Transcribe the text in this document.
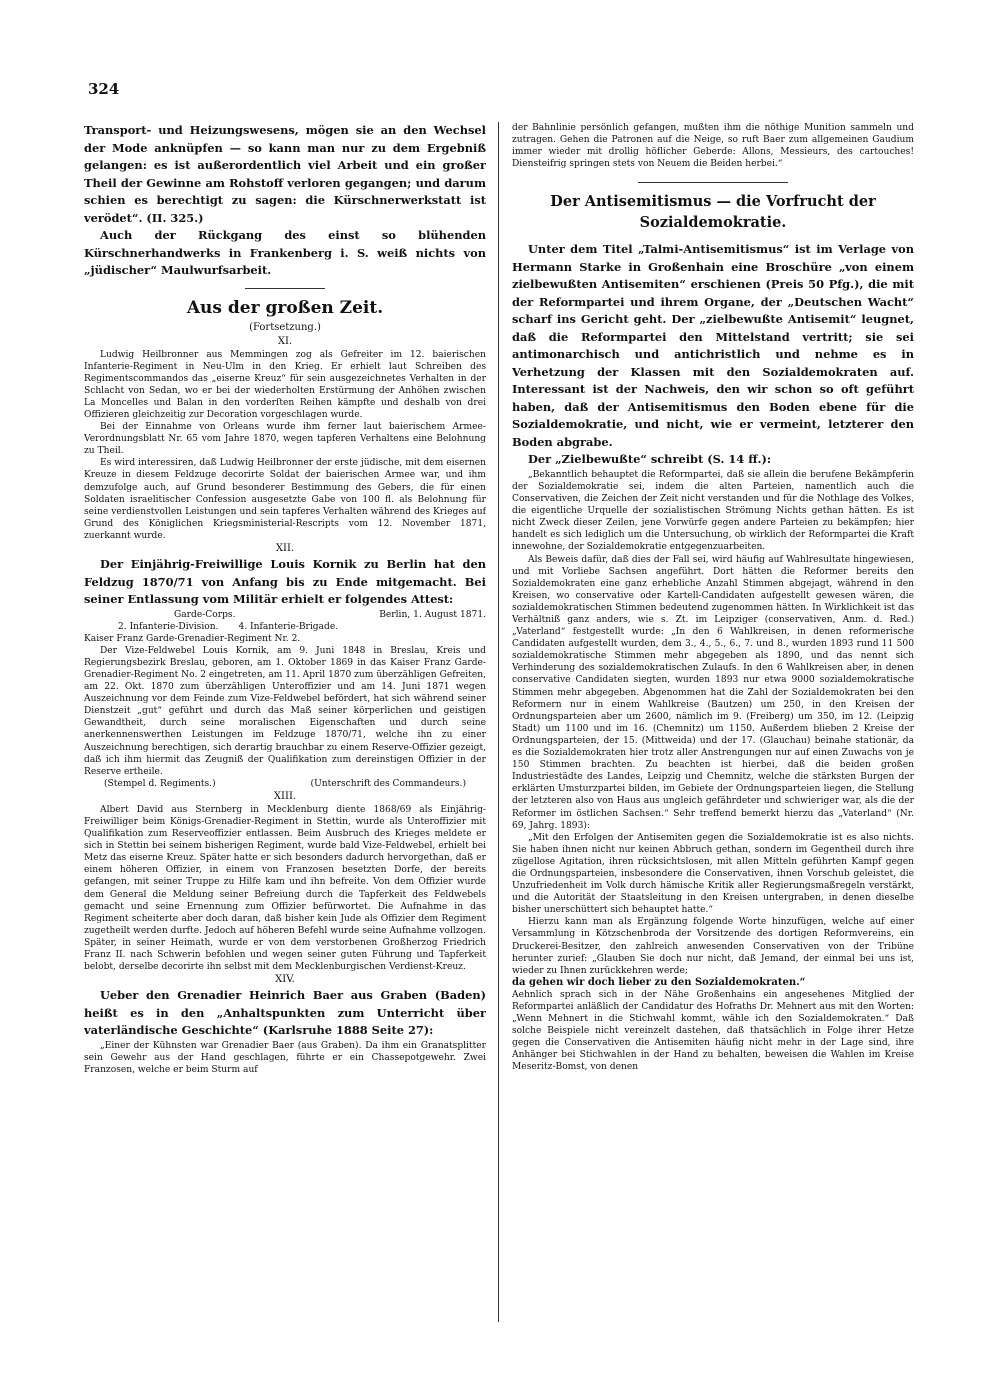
324

Transport- und Heizungswesens, mögen sie an den Wechsel der Mode anknüpfen — so kann man nur zu dem Ergebniß gelangen: es ist außerordentlich viel Arbeit und ein großer Theil der Gewinne am Rohstoff verloren gegangen; und darum schien es berechtigt zu sagen: die Kürschnerwerkstatt ist verödet“. (II. 325.)

Auch der Rückgang des einst so blühenden Kürschnerhandwerks in Frankenberg i. S. weiß nichts von „jüdischer“ Maulwurfsarbeit.

Aus der großen Zeit.
(Fortsetzung.)
XI.

Ludwig Heilbronner aus Memmingen zog als Gefreiter im 12. baierischen Infanterie-Regiment in Neu-Ulm in den Krieg. Er erhielt laut Schreiben des Regimentscommandos das „eiserne Kreuz“ für sein ausgezeichnetes Verhalten in der Schlacht von Sedan, wo er bei der wiederholten Erstürmung der Anhöhen zwischen La Moncelles und Balan in den vorderſten Reihen kämpfte und deshalb von drei Offizieren gleichzeitig zur Decoration vorgeschlagen wurde.

Bei der Einnahme von Orleans wurde ihm ferner laut baierischem Armee-Verordnungsblatt Nr. 65 vom Jahre 1870, wegen tapferen Verhaltens eine Belohnung zu Theil.

Es wird interessiren, daß Ludwig Heilbronner der erste jüdische, mit dem eisernen Kreuze in diesem Feldzuge decorirte Soldat der baierischen Armee war, und ihm demzufolge auch, auf Grund besonderer Bestimmung des Gebers, die für einen Soldaten israelitischer Confession ausgesetzte Gabe von 100 fl. als Belohnung für seine verdienstvollen Leistungen und sein tapferes Verhalten während des Krieges auf Grund des Königlichen Kriegsministerial-Rescripts vom 12. November 1871, zuerkannt wurde.

XII.

Der Einjährig-Freiwillige Louis Kornik zu Berlin hat den Feldzug 1870/71 von Anfang bis zu Ende mitgemacht. Bei seiner Entlassung vom Militär erhielt er folgendes Attest:

Garde-Corps.	Berlin, 1. August 1871.
2. Infanterie-Division. 4. Infanterie-Brigade.

Kaiser Franz Garde-Grenadier-Regiment Nr. 2.

Der Vize-Feldwebel Louis Kornik, am 9. Juni 1848 in Breslau, Kreis und Regierungsbezirk Breslau, geboren, am 1. Oktober 1869 in das Kaiser Franz Garde-Grenadier-Regiment No. 2 eingetreten, am 11. April 1870 zum überzähligen Gefreiten, am 22. Okt. 1870 zum überzähligen Unteroffizier und am 14. Juni 1871 wegen Auszeichnung vor dem Feinde zum Vize-Feldwebel befördert, hat sich während seiner Dienstzeit „gut“ geführt und durch das Maß seiner körperlichen und geistigen Gewandtheit, durch seine moralischen Eigenschaften und durch seine anerkennenswerthen Leistungen im Feldzuge 1870/71, welche ihn zu einer Auszeichnung berechtigen, sich derartig brauchbar zu einem Reserve-Offizier gezeigt, daß ich ihm hiermit das Zeugniß der Qualifikation zum dereinstigen Offizier in der Reserve ertheile.

(Stempel d. Regiments.)	(Unterschrift des Commandeurs.)
XIII.

Albert David aus Sternberg in Mecklenburg diente 1868/69 als Einjährig-Freiwilliger beim Königs-Grenadier-Regiment in Stettin, wurde als Unteroffizier mit Qualifikation zum Reserveoffizier entlassen. Beim Ausbruch des Krieges meldete er sich in Stettin bei seinem bisherigen Regiment, wurde bald Vize-Feldwebel, erhielt bei Metz das eiserne Kreuz. Später hatte er sich besonders dadurch hervorgethan, daß er einem höheren Offizier, in einem von Franzosen besetzten Dorfe, der bereits gefangen, mit seiner Truppe zu Hilfe kam und ihn befreite. Von dem Offizier wurde dem General die Meldung seiner Befreiung durch die Tapferkeit des Feldwebels gemacht und seine Ernennung zum Offizier befürwortet. Die Aufnahme in das Regiment scheiterte aber doch daran, daß bisher kein Jude als Offizier dem Regiment zugetheilt werden durfte. Jedoch auf höheren Befehl wurde seine Aufnahme vollzogen. Später, in seiner Heimath, wurde er von dem verstorbenen Großherzog Friedrich Franz II. nach Schwerin befohlen und wegen seiner guten Führung und Tapferkeit belobt, derselbe decorirte ihn selbst mit dem Mecklenburgischen Verdienst-Kreuz.

XIV.

Ueber den Grenadier Heinrich Baer aus Graben (Baden) heißt es in den „Anhaltspunkten zum Unterricht über vaterländische Geschichte“ (Karlsruhe 1888 Seite 27):

„Einer der Kühnsten war Grenadier Baer (aus Graben). Da ihm ein Granatsplitter sein Gewehr aus der Hand geschlagen, führte er ein Chassepotgewehr. Zwei Franzosen, welche er beim Sturm auf

der Bahnlinie persönlich gefangen, mußten ihm die nöthige Munition sammeln und zutragen. Gehen die Patronen auf die Neige, so ruft Baer zum allgemeinen Gaudium immer wieder mit drollig höflicher Geberde: Allons, Messieurs, des cartouches! Diensteifrig springen stets von Neuem die Beiden herbei.“

Der Antisemitismus — die Vorfrucht der
Sozialdemokratie.

Unter dem Titel „Talmi-Antisemitismus“ ist im Verlage von Hermann Starke in Großenhain eine Broschüre „von einem zielbewußten Antisemiten“ erschienen (Preis 50 Pfg.), die mit der Reformpartei und ihrem Organe, der „Deutschen Wacht“ scharf ins Gericht geht. Der „zielbewußte Antisemit“ leugnet, daß die Reformpartei den Mittelstand vertritt; sie sei antimonarchisch und antichristlich und nehme es in Verhetzung der Klassen mit den Sozialdemokraten auf. Interessant ist der Nachweis, den wir schon so oft geführt haben, daß der Antisemitismus den Boden ebene für die Sozialdemokratie, und nicht, wie er vermeint, letzterer den Boden abgrabe.

Der „Zielbewußte“ schreibt (S. 14 ff.):

„Bekanntlich behauptet die Reformpartei, daß sie allein die berufene Bekämpferin der Sozialdemokratie sei, indem die alten Parteien, namentlich auch die Conservativen, die Zeichen der Zeit nicht verstanden und für die Nothlage des Volkes, die eigentliche Urquelle der sozialistischen Strömung Nichts gethan hätten. Es ist nicht Zweck dieser Zeilen, jene Vorwürfe gegen andere Parteien zu bekämpfen; hier handelt es sich lediglich um die Untersuchung, ob wirklich der Reformpartei die Kraft innewohne, der Sozialdemokratie entgegenzuarbeiten.

Als Beweis dafür, daß dies der Fall sei, wird häufig auf Wahlresultate hingewiesen, und mit Vorliebe Sachsen angeführt. Dort hätten die Reformer bereits den Sozialdemokraten eine ganz erhebliche Anzahl Stimmen abgejagt, während in den Kreisen, wo conservative oder Kartell-Candidaten aufgestellt gewesen wären, die sozialdemokratischen Stimmen bedeutend zugenommen hätten. In Wirklichkeit ist das Verhältniß ganz anders, wie s. Zt. im Leipziger (conservativen, Anm. d. Red.) „Vaterland“ festgestellt wurde: „In den 6 Wahlkreisen, in denen reformerische Candidaten aufgestellt wurden, dem 3., 4., 5., 6., 7. und 8., wurden 1893 rund 11 500 sozialdemokratische Stimmen mehr abgegeben als 1890, und das nennt sich Verhinderung des sozialdemokratischen Zulaufs. In den 6 Wahlkreisen aber, in denen conservative Candidaten siegten, wurden 1893 nur etwa 9000 sozialdemokratische Stimmen mehr abgegeben. Abgenommen hat die Zahl der Sozialdemokraten bei den Reformern nur in einem Wahlkreise (Bautzen) um 250, in den Kreisen der Ordnungsparteien aber um 2600, nämlich im 9. (Freiberg) um 350, im 12. (Leipzig Stadt) um 1100 und im 16. (Chemnitz) um 1150. Außerdem blieben 2 Kreise der Ordnungsparteien, der 15. (Mittweida) und der 17. (Glauchau) beinahe stationär, da es die Sozialdemokraten hier trotz aller Anstrengungen nur auf einen Zuwachs von je 150 Stimmen brachten. Zu beachten ist hierbei, daß die beiden großen Industriestädte des Landes, Leipzig und Chemnitz, welche die stärksten Burgen der erklärten Umsturzpartei bilden, im Gebiete der Ordnungsparteien liegen, die Stellung der letzteren also von Haus aus ungleich gefährdeter und schwieriger war, als die der Reformer im östlichen Sachsen.“ Sehr treffend bemerkt hierzu das „Vaterland“ (Nr. 69, Jahrg. 1893):

„Mit den Erfolgen der Antisemiten gegen die Sozialdemokratie ist es also nichts. Sie haben ihnen nicht nur keinen Abbruch gethan, sondern im Gegentheil durch ihre zügellose Agitation, ihren rücksichtslosen, mit allen Mitteln geführten Kampf gegen die Ordnungsparteien, insbesondere die Conservativen, ihnen Vorschub geleistet, die Unzufriedenheit im Volk durch hämische Kritik aller Regierungsmaßregeln verstärkt, und die Autorität der Staatsleitung in den Kreisen untergraben, in denen dieselbe bisher unerschüttert sich behauptet hatte.“

Hierzu kann man als Ergänzung folgende Worte hinzufügen, welche auf einer Versammlung in Kötzschenbroda der Vorsitzende des dortigen Reformvereins, ein Druckerei-Besitzer, den zahlreich anwesenden Conservativen von der Tribüne herunter zurief: „Glauben Sie doch nur nicht, daß Jemand, der einmal bei uns ist, wieder zu Ihnen zurückkehren werde;

da gehen wir doch lieber zu den Sozialdemokraten.“

Aehnlich sprach sich in der Nähe Großenhains ein angesehenes Mitglied der Reformpartei anläßlich der Candidatur des Hofraths Dr. Mehnert aus mit den Worten: „Wenn Mehnert in die Stichwahl kommt, wähle ich den Sozialdemokraten.“ Daß solche Beispiele nicht vereinzelt dastehen, daß thatsächlich in Folge ihrer Hetze gegen die Conservativen die Antisemiten häufig nicht mehr in der Lage sind, ihre Anhänger bei Stichwahlen in der Hand zu behalten, beweisen die Wahlen im Kreise Meseritz-Bomst, von denen
